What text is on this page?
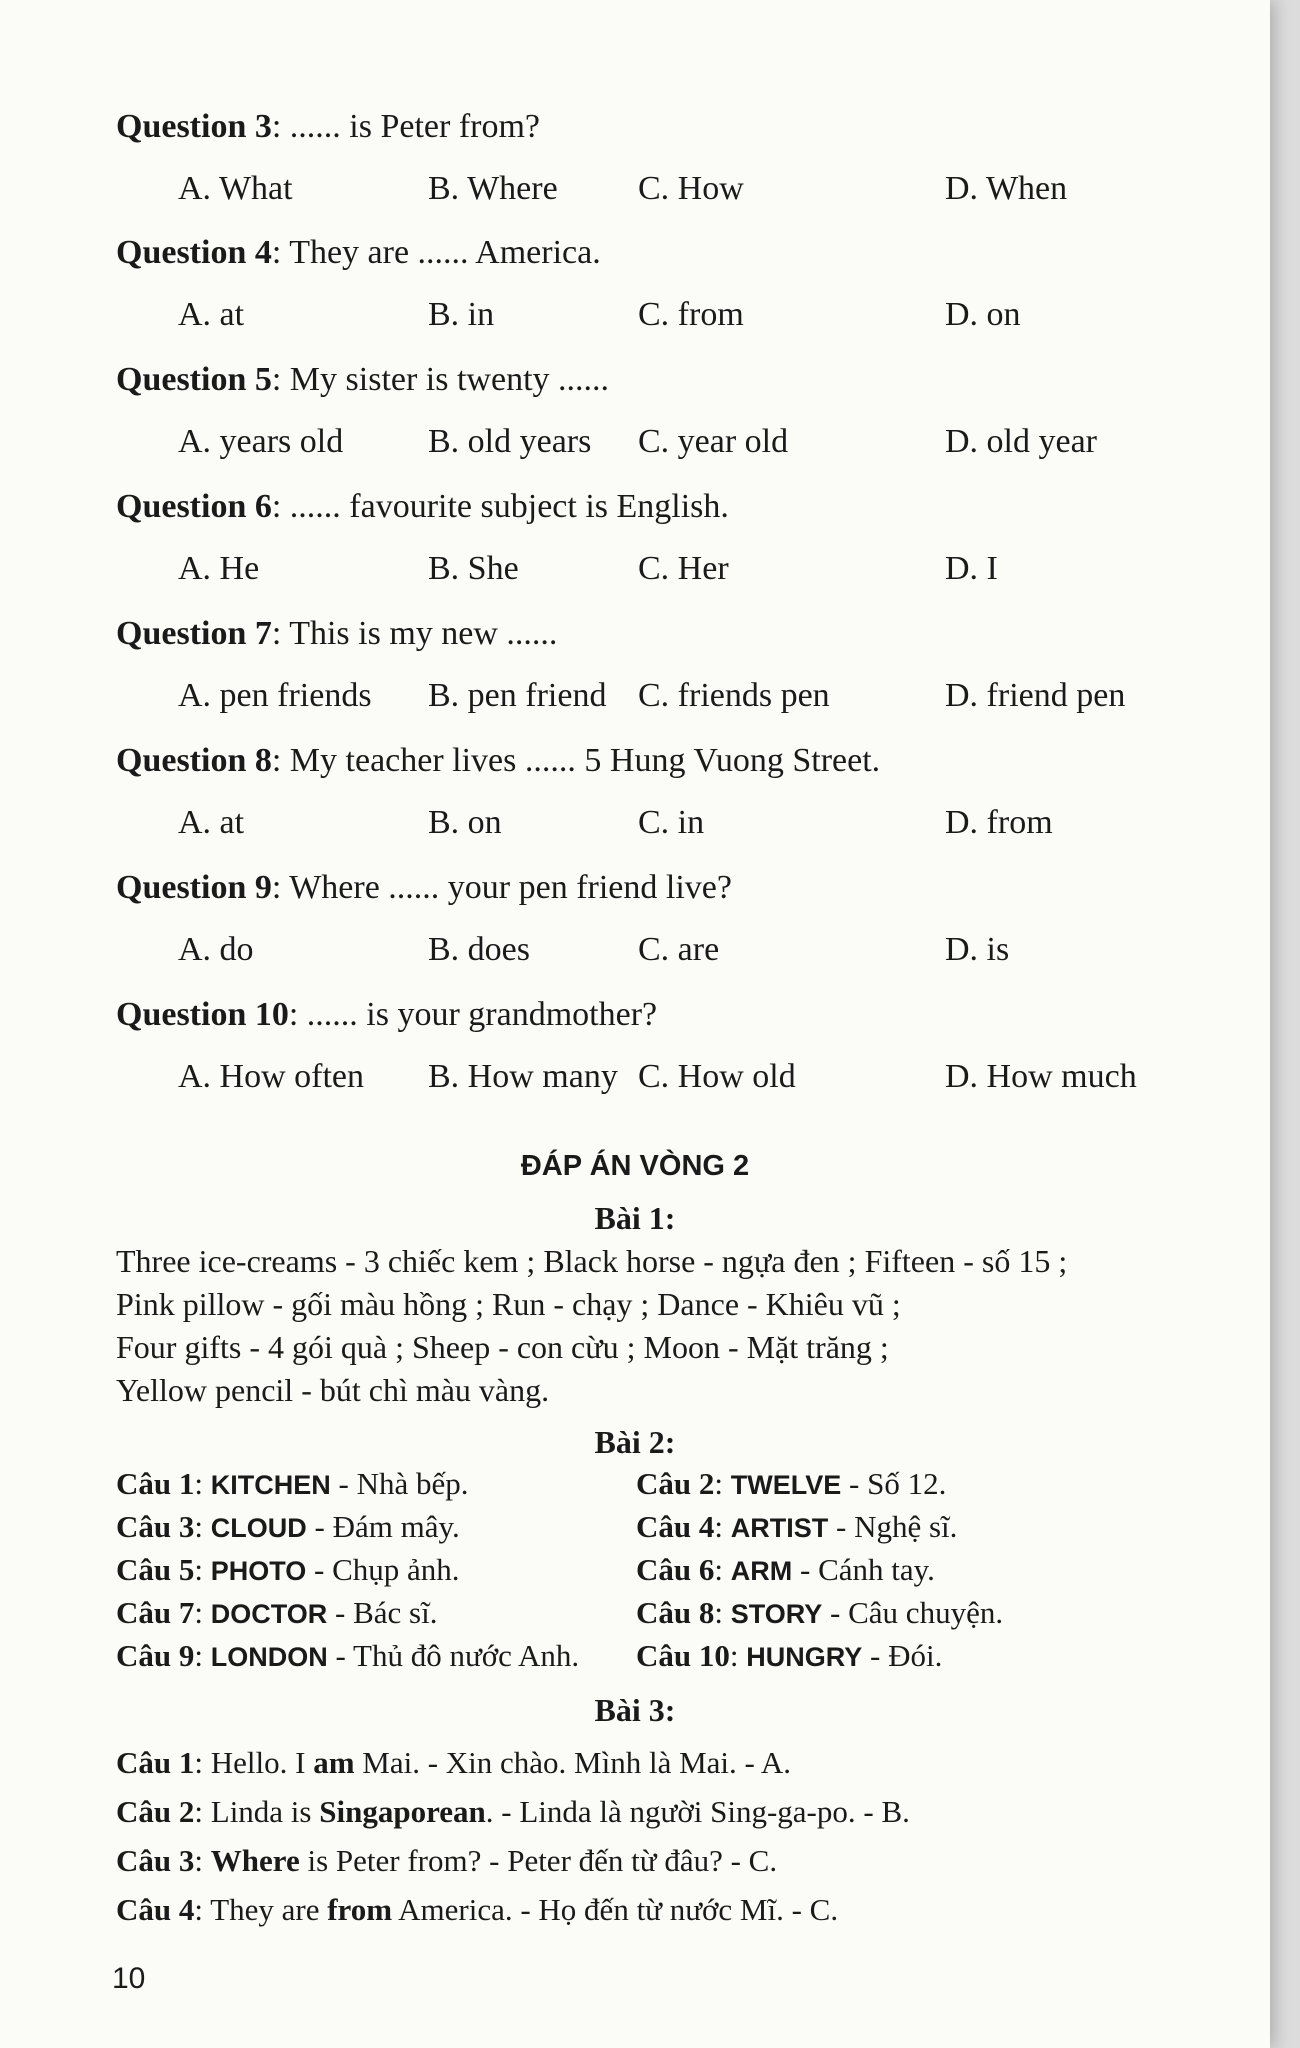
Question 3: ...... is Peter from?
A. What	B. Where C. How	D. When
Question 4: They are ...... America.
A. at	B. in	C. from	D. on
Question 5: My sister is twenty ......
A. years old B. old years C. year old	D. old year
Question 6: ...... favourite subject is English.
A. He	B. She	C. Her	D. I
Question 7: This is my new ......
A. pen friends B. pen friend C. friends pen	D. friend pen
Question 8: My teacher lives ...... 5 Hung Vuong Street.
A. at	B. on	C. in	D. from
Question 9: Where ...... your pen friend live?
A. do	B. does	C. are	D. is
Question 10: ...... is your grandmother?
A. How often B. How many C. How old	D. How much
ĐÁP ÁN VÒNG 2
Bài 1:
Three ice-creams - 3 chiếc kem ; Black horse - ngựa đen ; Fifteen - số 15 ;
Pink pillow - gối màu hồng ; Run - chạy ; Dance - Khiêu vũ ;
Four gifts - 4 gói quà ; Sheep - con cừu ; Moon - Mặt trăng ;
Yellow pencil - bút chì màu vàng.
Bài 2:
Câu 1: KITCHEN - Nhà bếp.	Câu 2: TWELVE - Số 12.
Câu 3: CLOUD - Đám mây.	Câu 4: ARTIST - Nghệ sĩ.
Câu 5: PHOTO - Chụp ảnh.	Câu 6: ARM - Cánh tay.
Câu 7: DOCTOR - Bác sĩ.	Câu 8: STORY - Câu chuyện.
Câu 9: LONDON - Thủ đô nước Anh. Câu 10: HUNGRY - Đói.
Bài 3:
Câu 1: Hello. I am Mai. - Xin chào. Mình là Mai. - A.
Câu 2: Linda is Singaporean. - Linda là người Sing-ga-po. - B.
Câu 3: Where is Peter from? - Peter đến từ đâu? - C.
Câu 4: They are from America. - Họ đến từ nước Mĩ. - C.
10
